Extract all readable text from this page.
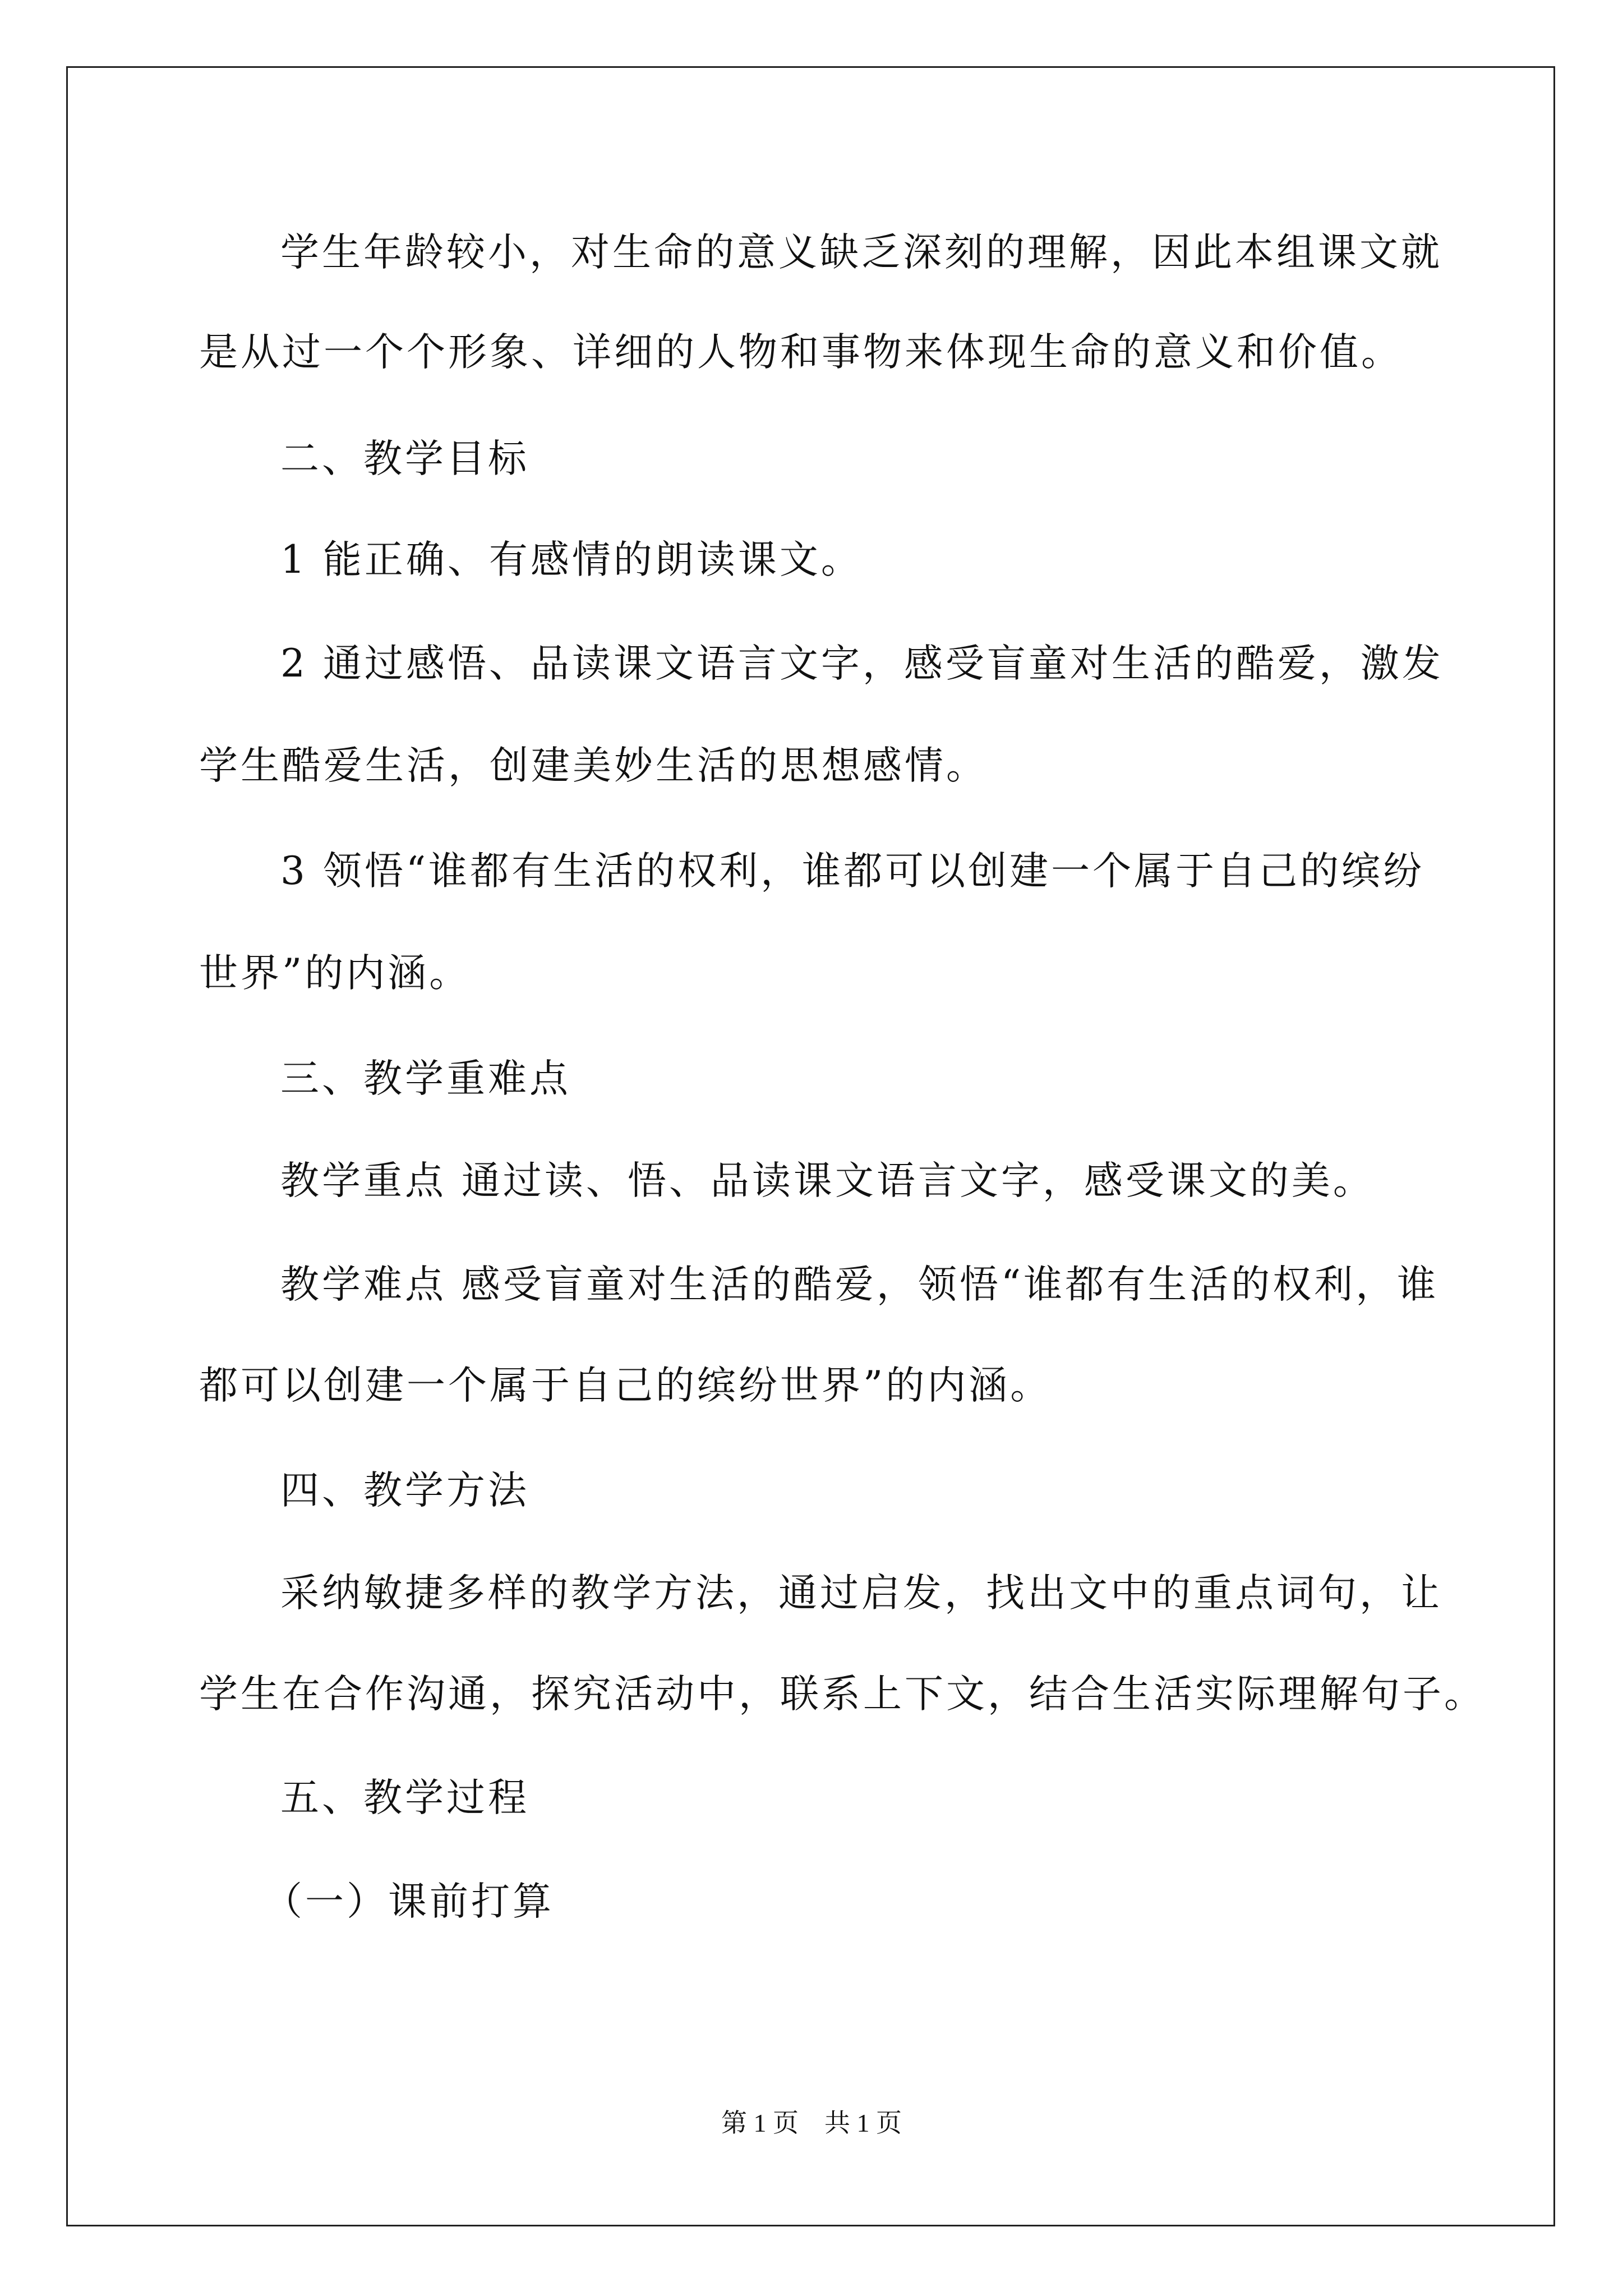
学生年龄较小，对生命的意义缺乏深刻的理解，因此本组课文就
是从过一个个形象、详细的人物和事物来体现生命的意义和价值。
二、教学目标
1 能正确、有感情的朗读课文。
2 通过感悟、品读课文语言文字，感受盲童对生活的酷爱，激发
学生酷爱生活，创建美妙生活的思想感情。
3 领悟“谁都有生活的权利，谁都可以创建一个属于自己的缤纷
世界”的内涵。
三、教学重难点
教学重点 通过读、悟、品读课文语言文字，感受课文的美。
教学难点 感受盲童对生活的酷爱，领悟“谁都有生活的权利，谁
都可以创建一个属于自己的缤纷世界”的内涵。
四、教学方法
采纳敏捷多样的教学方法，通过启发，找出文中的重点词句，让
学生在合作沟通，探究活动中，联系上下文，结合生活实际理解句子。
五、教学过程
（一）课前打算
第 1 页　共 1 页
